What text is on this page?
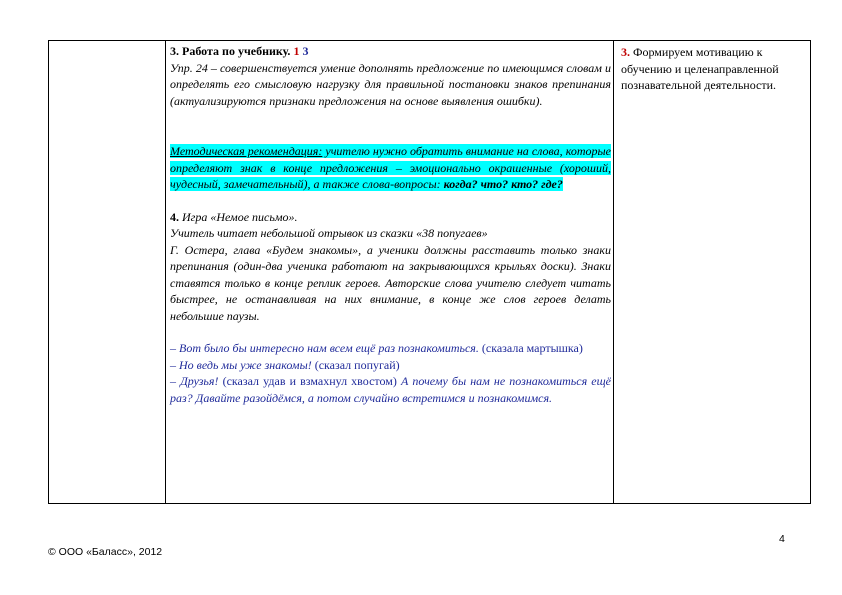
3. Работа по учебнику. 1 3

Упр. 24 – совершенствуется умение дополнять предложение по имеющимся словам и определять его смысловую нагрузку для правильной постановки знаков препинания (актуализируются признаки предложения на основе выявления ошибки).

Методическая рекомендация: учителю нужно обратить внимание на слова, которые определяют знак в конце предложения – эмоционально окрашенные (хороший, чудесный, замечательный), а также слова-вопросы: когда? что? кто? где?

4. Игра «Немое письмо».

Учитель читает небольшой отрывок из сказки «38 попугаев»

Г. Остера, глава «Будем знакомы», а ученики должны расставить только знаки препинания (один-два ученика работают на закрывающихся крыльях доски). Знаки ставятся только в конце реплик героев. Авторские слова учителю следует читать быстрее, не останавливая на них внимание, в конце же слов героев делать небольшие паузы.

– Вот было бы интересно нам всем ещё раз познакомиться. (сказала мартышка)

– Но ведь мы уже знакомы! (сказал попугай)

– Друзья! (сказал удав и взмахнул хвостом) А почему бы нам не познакомиться ещё раз? Давайте разойдёмся, а потом случайно встретимся и познакомимся.

3. Формируем мотивацию к обучению и целенаправленной познавательной деятельности.
4
© ООО «Баласс», 2012
